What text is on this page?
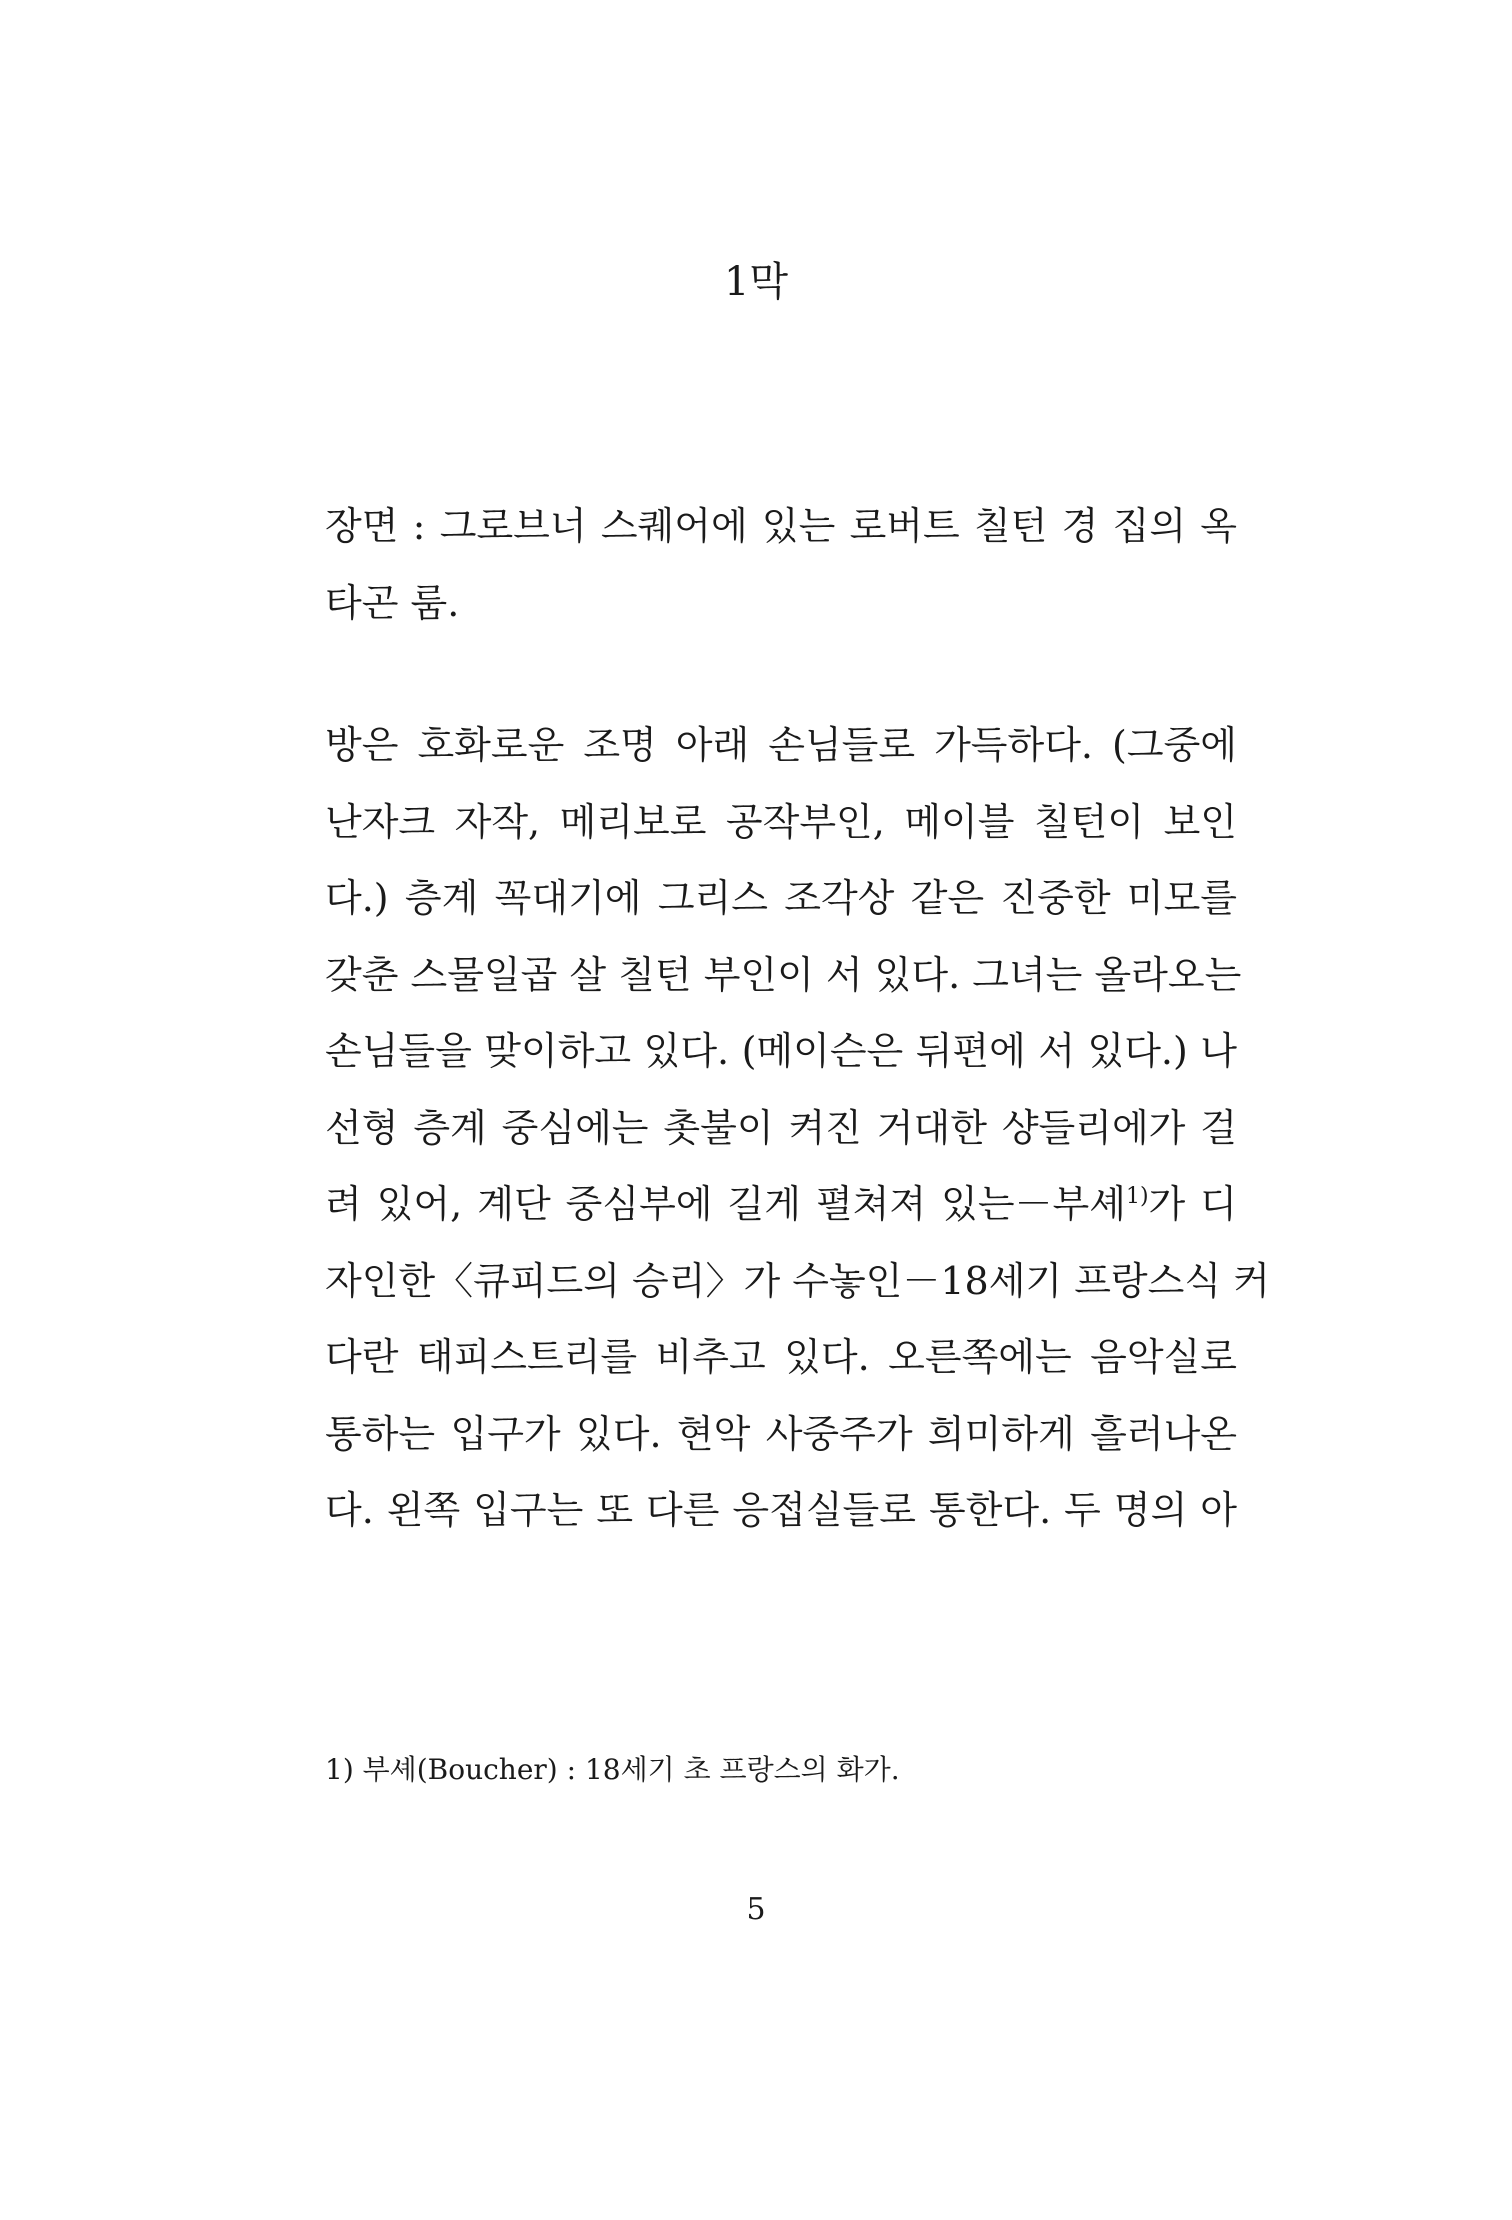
1막
장면 : 그로브너 스퀘어에 있는 로버트 칠턴 경 집의 옥
타곤 룸.
방은 호화로운 조명 아래 손님들로 가득하다. (그중에
난자크 자작, 메리보로 공작부인, 메이블 칠턴이 보인
다.) 층계 꼭대기에 그리스 조각상 같은 진중한 미모를
갖춘 스물일곱 살 칠턴 부인이 서 있다. 그녀는 올라오는
손님들을 맞이하고 있다. (메이슨은 뒤편에 서 있다.) 나
선형 층계 중심에는 촛불이 켜진 거대한 샹들리에가 걸
려 있어, 계단 중심부에 길게 펼쳐져 있는－부셰$^{1)}$가 디
자인한〈큐피드의 승리〉가 수놓인－18세기 프랑스식 커
다란 태피스트리를 비추고 있다. 오른쪽에는 음악실로
통하는 입구가 있다. 현악 사중주가 희미하게 흘러나온
다. 왼쪽 입구는 또 다른 응접실들로 통한다. 두 명의 아

1) 부셰(Boucher) : 18세기 초 프랑스의 화가.

5
